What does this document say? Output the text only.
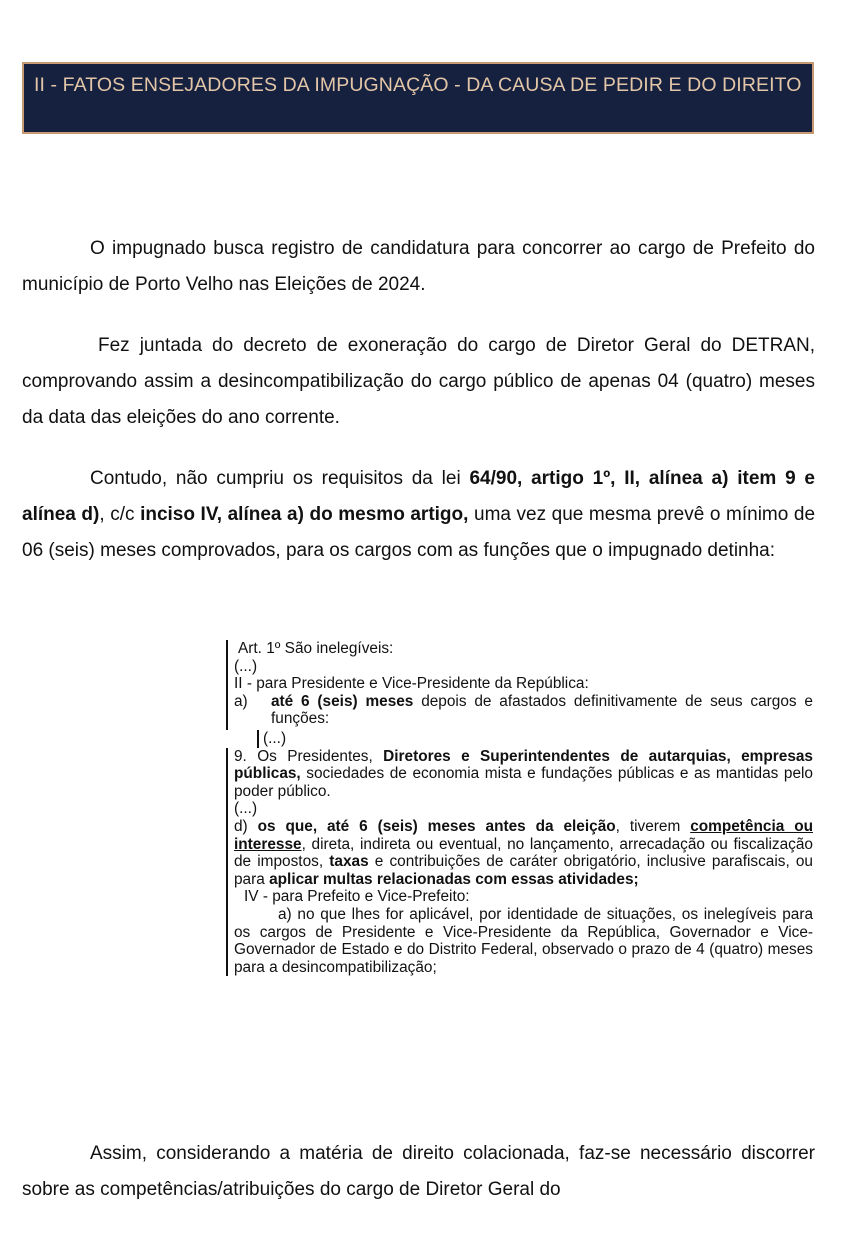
II - FATOS ENSEJADORES DA IMPUGNAÇÃO - DA CAUSA DE PEDIR E DO DIREITO

O impugnado busca registro de candidatura para concorrer ao cargo de Prefeito do município de Porto Velho nas Eleições de 2024.

Fez juntada do decreto de exoneração do cargo de Diretor Geral do DETRAN, comprovando assim a desincompatibilização do cargo público de apenas 04 (quatro) meses da data das eleições do ano corrente.

Contudo, não cumpriu os requisitos da lei 64/90, artigo 1º, II, alínea a) item 9 e alínea d), c/c inciso IV, alínea a) do mesmo artigo, uma vez que mesma prevê o mínimo de 06 (seis) meses comprovados, para os cargos com as funções que o impugnado detinha:

Art. 1º São inelegíveis:

(...)

II - para Presidente e Vice-Presidente da República:

a) até 6 (seis) meses depois de afastados definitivamente de seus cargos e funções:

(...)

9. Os Presidentes, Diretores e Superintendentes de autarquias, empresas públicas, sociedades de economia mista e fundações públicas e as mantidas pelo poder público.

(...)

d) os que, até 6 (seis) meses antes da eleição, tiverem competência ou interesse, direta, indireta ou eventual, no lançamento, arrecadação ou fiscalização de impostos, taxas e contribuições de caráter obrigatório, inclusive parafiscais, ou para aplicar multas relacionadas com essas atividades;

IV - para Prefeito e Vice-Prefeito:

a) no que lhes for aplicável, por identidade de situações, os inelegíveis para os cargos de Presidente e Vice-Presidente da República, Governador e Vice-Governador de Estado e do Distrito Federal, observado o prazo de 4 (quatro) meses para a desincompatibilização;

Assim, considerando a matéria de direito colacionada, faz-se necessário discorrer sobre as competências/atribuições do cargo de Diretor Geral do
